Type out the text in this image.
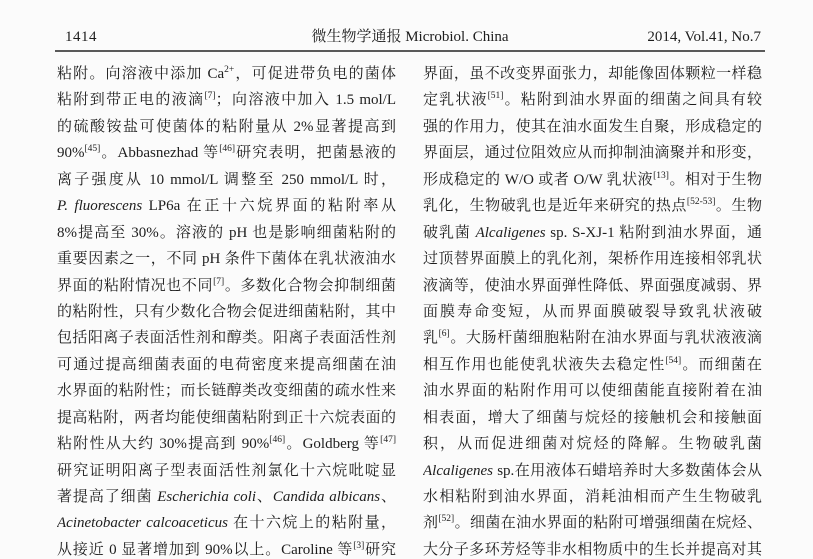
1414	微生物学通报 Microbiol. China	2014, Vol.41, No.7
粘附。向溶液中添加 $Ca^{2+}$，可促进带负电的菌体
粘附到带正电的液滴[7]；向溶液中加入 1.5 mol/L
的硫酸铵盐可使菌体的粘附量从 2%显著提高到
90%[45]。Abbasnezhad 等[46]研究表明，把菌悬液的
离子强度从 10 mmol/L 调整至 250 mmol/L 时，
P. fluorescens LP6a 在正十六烷界面的粘附率从
8%提高至 30%。溶液的 pH 也是影响细菌粘附的
重要因素之一，不同 pH 条件下菌体在乳状液油水
界面的粘附情况也不同[7]。多数化合物会抑制细菌
的粘附性，只有少数化合物会促进细菌粘附，其中
包括阳离子表面活性剂和醇类。阳离子表面活性剂
可通过提高细菌表面的电荷密度来提高细菌在油
水界面的粘附性；而长链醇类改变细菌的疏水性来
提高粘附，两者均能使细菌粘附到正十六烷表面的
粘附性从大约 30%提高到 90%[46]。Goldberg 等[47]
研究证明阳离子型表面活性剂氯化十六烷吡啶显
著提高了细菌 Escherichia coli、Candida albicans、
Acinetobacter calcoaceticus 在十六烷上的粘附量，
从接近 0 显著增加到 90%以上。Caroline 等[3]研究
界面，虽不改变界面张力，却能像固体颗粒一样稳
定乳状液[51]。粘附到油水界面的细菌之间具有较
强的作用力，使其在油水面发生自聚，形成稳定的
界面层，通过位阻效应从而抑制油滴聚并和形变，
形成稳定的 W/O 或者 O/W 乳状液[13]。相对于生物
乳化，生物破乳也是近年来研究的热点[52-53]。生物
破乳菌 Alcaligenes sp. S-XJ-1 粘附到油水界面，通
过顶替界面膜上的乳化剂，架桥作用连接相邻乳状
液滴等，使油水界面弹性降低、界面强度减弱、界
面膜寿命变短，从而界面膜破裂导致乳状液破
乳[6]。大肠杆菌细胞粘附在油水界面与乳状液液滴
相互作用也能使乳状液失去稳定性[54]。而细菌在
油水界面的粘附作用可以使细菌能直接附着在油
相表面，增大了细菌与烷烃的接触机会和接触面
积，从而促进细菌对烷烃的降解。生物破乳菌
Alcaligenes sp.在用液体石蜡培养时大多数菌体会从
水相粘附到油水界面，消耗油相而产生生物破乳
剂[52]。细菌在油水界面的粘附可增强细菌在烷烃、
大分子多环芳烃等非水相物质中的生长并提高对其
